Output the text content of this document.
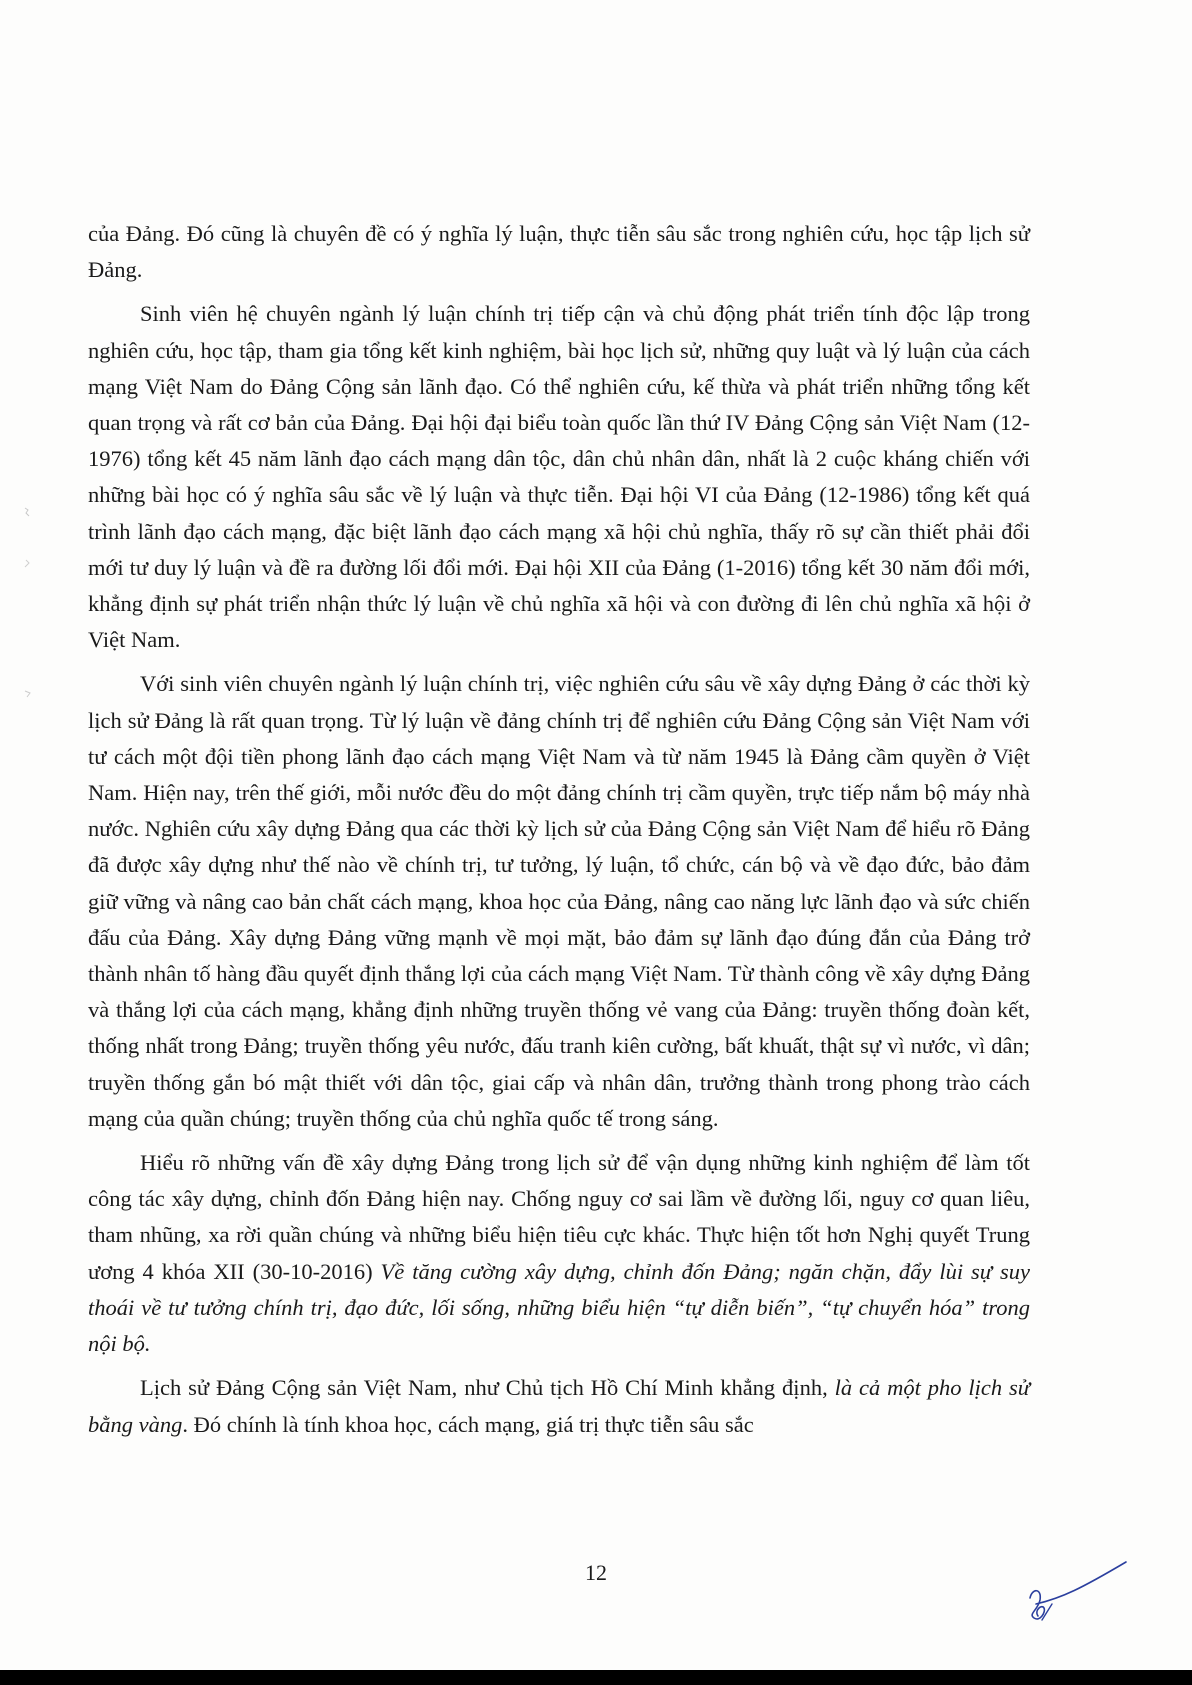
của Đảng. Đó cũng là chuyên đề có ý nghĩa lý luận, thực tiễn sâu sắc trong nghiên cứu, học tập lịch sử Đảng.

Sinh viên hệ chuyên ngành lý luận chính trị tiếp cận và chủ động phát triển tính độc lập trong nghiên cứu, học tập, tham gia tổng kết kinh nghiệm, bài học lịch sử, những quy luật và lý luận của cách mạng Việt Nam do Đảng Cộng sản lãnh đạo. Có thể nghiên cứu, kế thừa và phát triển những tổng kết quan trọng và rất cơ bản của Đảng. Đại hội đại biểu toàn quốc lần thứ IV Đảng Cộng sản Việt Nam (12-1976) tổng kết 45 năm lãnh đạo cách mạng dân tộc, dân chủ nhân dân, nhất là 2 cuộc kháng chiến với những bài học có ý nghĩa sâu sắc về lý luận và thực tiễn. Đại hội VI của Đảng (12-1986) tổng kết quá trình lãnh đạo cách mạng, đặc biệt lãnh đạo cách mạng xã hội chủ nghĩa, thấy rõ sự cần thiết phải đổi mới tư duy lý luận và đề ra đường lối đổi mới. Đại hội XII của Đảng (1-2016) tổng kết 30 năm đổi mới, khẳng định sự phát triển nhận thức lý luận về chủ nghĩa xã hội và con đường đi lên chủ nghĩa xã hội ở Việt Nam.

Với sinh viên chuyên ngành lý luận chính trị, việc nghiên cứu sâu về xây dựng Đảng ở các thời kỳ lịch sử Đảng là rất quan trọng. Từ lý luận về đảng chính trị để nghiên cứu Đảng Cộng sản Việt Nam với tư cách một đội tiền phong lãnh đạo cách mạng Việt Nam và từ năm 1945 là Đảng cầm quyền ở Việt Nam. Hiện nay, trên thế giới, mỗi nước đều do một đảng chính trị cầm quyền, trực tiếp nắm bộ máy nhà nước. Nghiên cứu xây dựng Đảng qua các thời kỳ lịch sử của Đảng Cộng sản Việt Nam để hiểu rõ Đảng đã được xây dựng như thế nào về chính trị, tư tưởng, lý luận, tổ chức, cán bộ và về đạo đức, bảo đảm giữ vững và nâng cao bản chất cách mạng, khoa học của Đảng, nâng cao năng lực lãnh đạo và sức chiến đấu của Đảng. Xây dựng Đảng vững mạnh về mọi mặt, bảo đảm sự lãnh đạo đúng đắn của Đảng trở thành nhân tố hàng đầu quyết định thắng lợi của cách mạng Việt Nam. Từ thành công về xây dựng Đảng và thắng lợi của cách mạng, khẳng định những truyền thống vẻ vang của Đảng: truyền thống đoàn kết, thống nhất trong Đảng; truyền thống yêu nước, đấu tranh kiên cường, bất khuất, thật sự vì nước, vì dân; truyền thống gắn bó mật thiết với dân tộc, giai cấp và nhân dân, trưởng thành trong phong trào cách mạng của quần chúng; truyền thống của chủ nghĩa quốc tế trong sáng.

Hiểu rõ những vấn đề xây dựng Đảng trong lịch sử để vận dụng những kinh nghiệm để làm tốt công tác xây dựng, chỉnh đốn Đảng hiện nay. Chống nguy cơ sai lầm về đường lối, nguy cơ quan liêu, tham nhũng, xa rời quần chúng và những biểu hiện tiêu cực khác. Thực hiện tốt hơn Nghị quyết Trung ương 4 khóa XII (30-10-2016) Về tăng cường xây dựng, chỉnh đốn Đảng; ngăn chặn, đẩy lùi sự suy thoái về tư tưởng chính trị, đạo đức, lối sống, những biểu hiện “tự diễn biến”, “tự chuyển hóa” trong nội bộ.

Lịch sử Đảng Cộng sản Việt Nam, như Chủ tịch Hồ Chí Minh khẳng định, là cả một pho lịch sử bằng vàng. Đó chính là tính khoa học, cách mạng, giá trị thực tiễn sâu sắc

12
